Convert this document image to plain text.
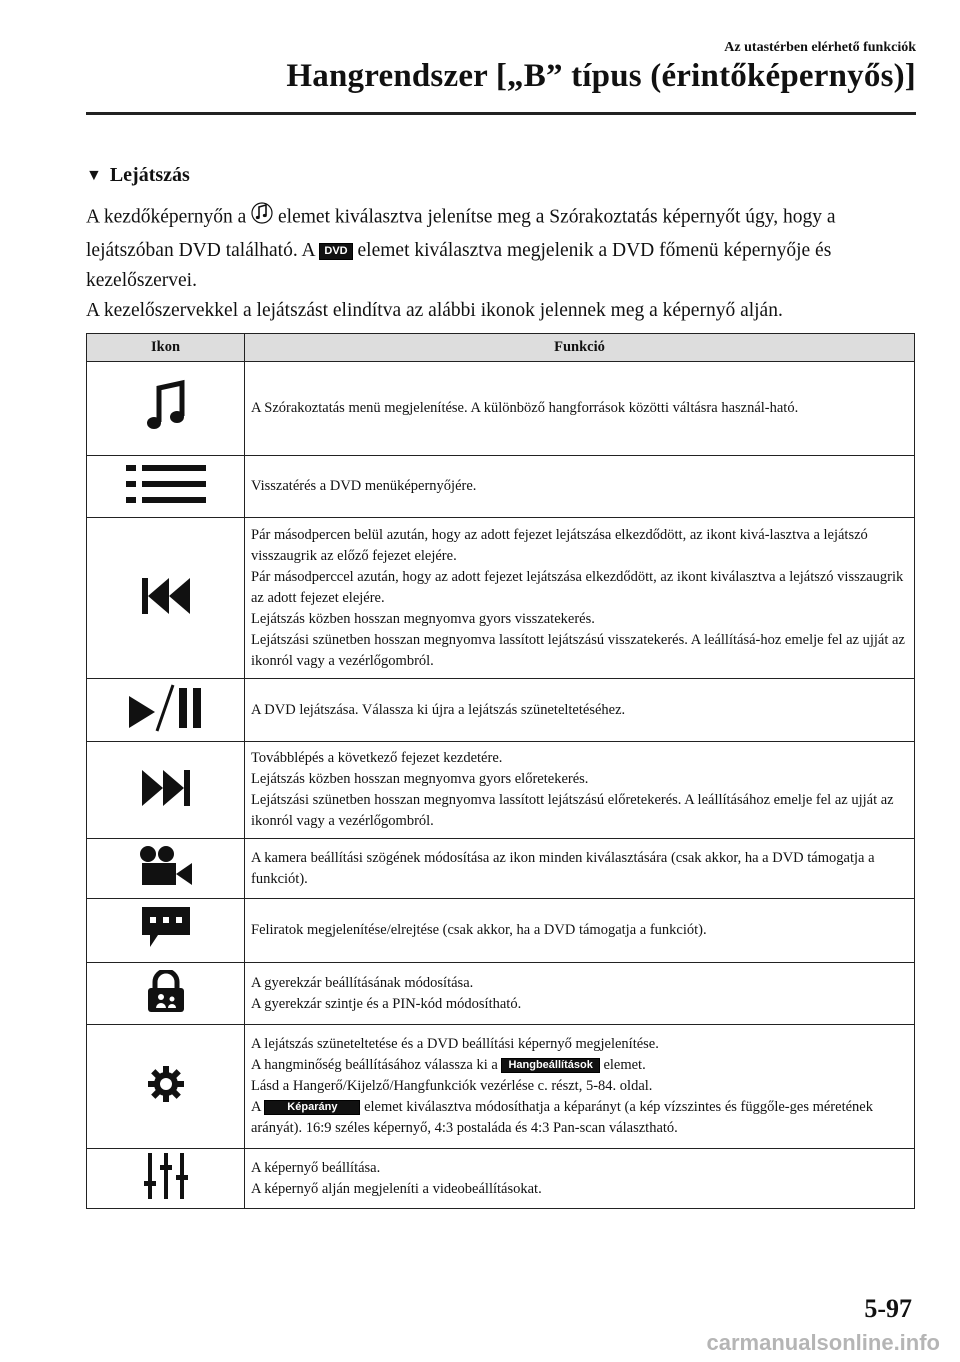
Az utastérben elérhető funkciók
Hangrendszer [„B” típus (érintőképernyős)]
▼ Lejátszás
A kezdőképernyőn a elemet kiválasztva jelenítse meg a Szórakoztatás képernyőt úgy, hogy a lejátszóban DVD található. A DVD elemet kiválasztva megjelenik a DVD főmenü képernyője és kezelőszervei.
A kezelőszervekkel a lejátszást elindítva az alábbi ikonok jelennek meg a képernyő alján.
Ikon	Funkció

A Szórakoztatás menü megjelenítése. A különböző hangforrások közötti váltásra használ-ható.

Visszatérés a DVD menüképernyőjére.

Pár másodpercen belül azután, hogy az adott fejezet lejátszása elkezdődött, az ikont kivá-lasztva a lejátszó visszaugrik az előző fejezet elejére.
Pár másodperccel azután, hogy az adott fejezet lejátszása elkezdődött, az ikont kiválasztva a lejátszó visszaugrik az adott fejezet elejére.
Lejátszás közben hosszan megnyomva gyors visszatekerés.
Lejátszási szünetben hosszan megnyomva lassított lejátszású visszatekerés. A leállításá-hoz emelje fel az ujját az ikonról vagy a vezérlőgombról.

A DVD lejátszása. Válassza ki újra a lejátszás szüneteltetéséhez.

Továbblépés a következő fejezet kezdetére.
Lejátszás közben hosszan megnyomva gyors előretekerés.
Lejátszási szünetben hosszan megnyomva lassított lejátszású előretekerés. A leállításához emelje fel az ujját az ikonról vagy a vezérlőgombról.

A kamera beállítási szögének módosítása az ikon minden kiválasztására (csak akkor, ha a DVD támogatja a funkciót).

Feliratok megjelenítése/elrejtése (csak akkor, ha a DVD támogatja a funkciót).

A gyerekzár beállításának módosítása.
A gyerekzár szintje és a PIN-kód módosítható.

A lejátszás szüneteltetése és a DVD beállítási képernyő megjelenítése.
A hangminőség beállításához válassza ki a Hangbeállítások elemet.
Lásd a Hangerő/Kijelző/Hangfunkciók vezérlése c. részt, 5-84. oldal.
A Képarány elemet kiválasztva módosíthatja a képarányt (a kép vízszintes és függőle-ges méretének arányát). 16:9 széles képernyő, 4:3 postaláda és 4:3 Pan-scan választható.

A képernyő beállítása.
A képernyő alján megjeleníti a videobeállításokat.
5-97
carmanualsonline.info
